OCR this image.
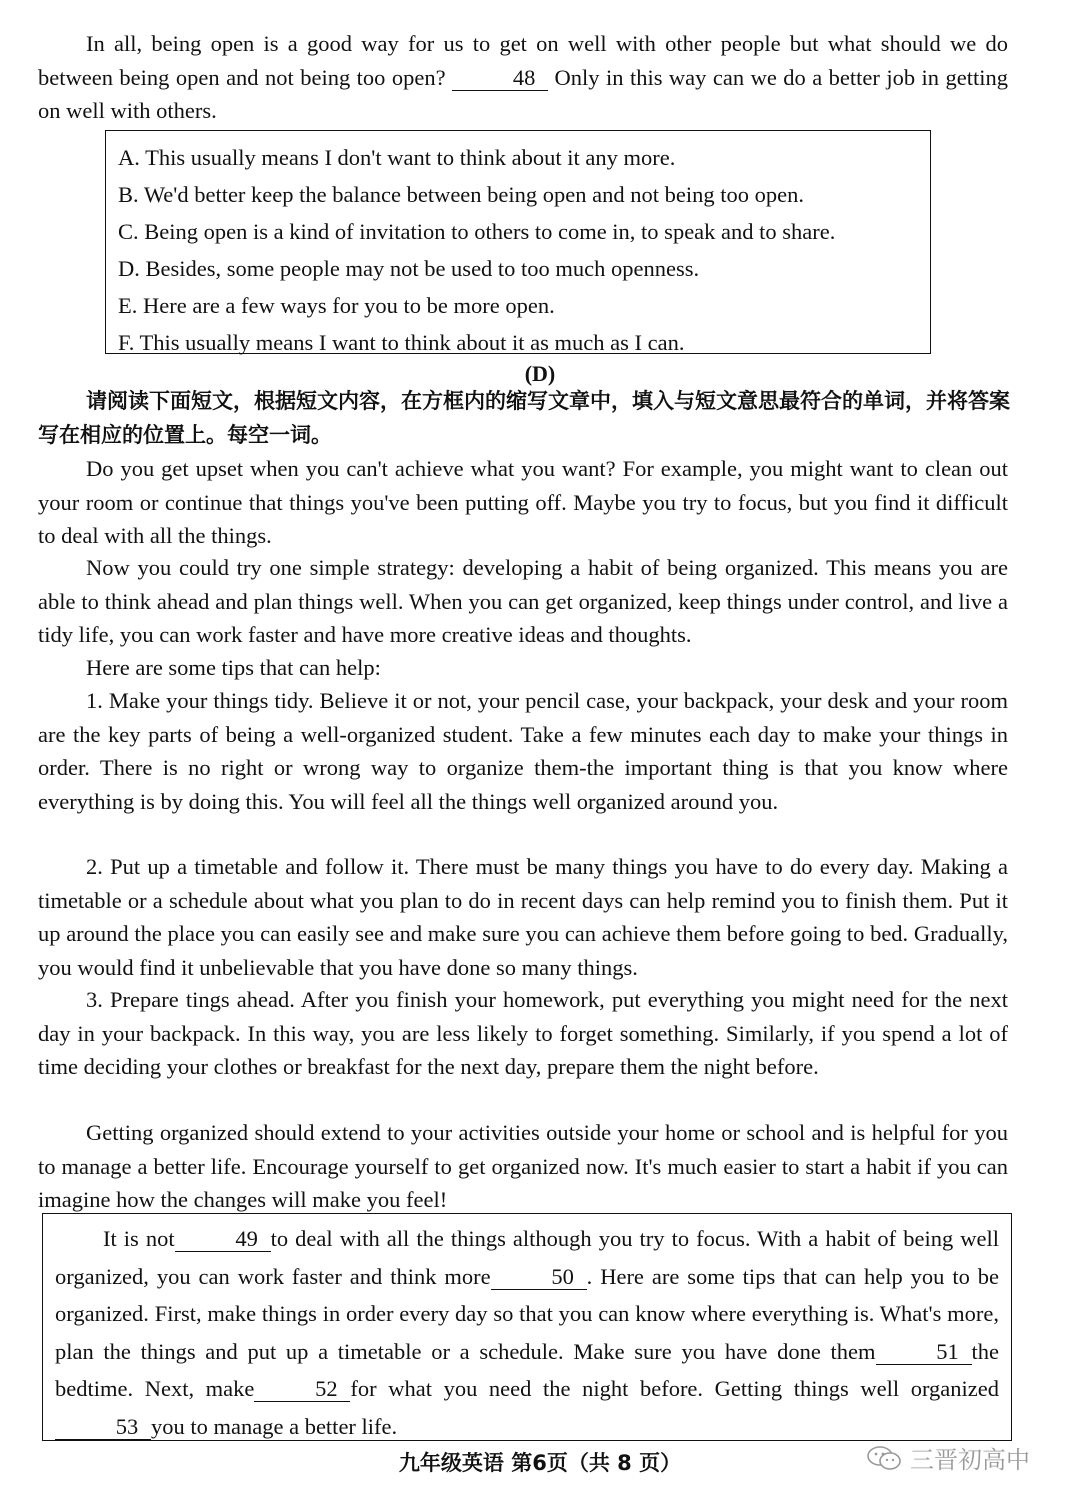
In all, being open is a good way for us to get on well with other people but what should we do between being open and not being too open?	48 Only in this way can we do a better job in getting on well with others.

A. This usually means I don't want to think about it any more.
B. We'd better keep the balance between being open and not being too open.
C. Being open is a kind of invitation to others to come in, to speak and to share.
D. Besides, some people may not be used to too much openness.
E. Here are a few ways for you to be more open.
F. This usually means I want to think about it as much as I can.
(D)

请阅读下面短文，根据短文内容，在方框内的缩写文章中，填入与短文意思最符合的单词，并将答案写在相应的位置上。每空一词。

Do you get upset when you can't achieve what you want? For example, you might want to clean out your room or continue that things you've been putting off. Maybe you try to focus, but you find it difficult to deal with all the things.

Now you could try one simple strategy: developing a habit of being organized. This means you are able to think ahead and plan things well. When you can get organized, keep things under control, and live a tidy life, you can work faster and have more creative ideas and thoughts.

Here are some tips that can help:

1. Make your things tidy. Believe it or not, your pencil case, your backpack, your desk and your room are the key parts of being a well-organized student. Take a few minutes each day to make your things in order. There is no right or wrong way to organize them-the important thing is that you know where everything is by doing this. You will feel all the things well organized around you.

2. Put up a timetable and follow it. There must be many things you have to do every day. Making a timetable or a schedule about what you plan to do in recent days can help remind you to finish them. Put it up around the place you can easily see and make sure you can achieve them before going to bed. Gradually, you would find it unbelievable that you have done so many things.

3. Prepare tings ahead. After you finish your homework, put everything you might need for the next day in your backpack. In this way, you are less likely to forget something. Similarly, if you spend a lot of time deciding your clothes or breakfast for the next day, prepare them the night before.

Getting organized should extend to your activities outside your home or school and is helpful for you to manage a better life. Encourage yourself to get organized now. It's much easier to start a habit if you can imagine how the changes will make you feel!

It is not	49 to deal with all the things although you try to focus. With a habit of being well organized, you can work faster and think more	50 . Here are some tips that can help you to be organized. First, make things in order every day so that you can know where everything is. What's more, plan the things and put up a timetable or a schedule. Make sure you have done them	51 the bedtime. Next, make	52 for what you need the night before. Getting things well organized53 you to manage a better life.

九年级英语 第6页（共 8 页）	三晋初高中
